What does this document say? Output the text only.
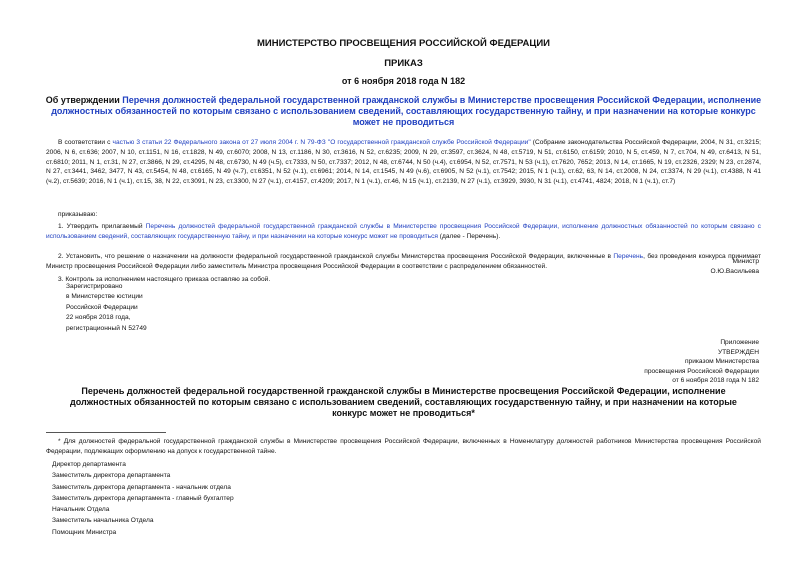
МИНИСТЕРСТВО ПРОСВЕЩЕНИЯ РОССИЙСКОЙ ФЕДЕРАЦИИ
ПРИКАЗ
от 6 ноября 2018 года N 182
Об утверждении Перечня должностей федеральной государственной гражданской службы в Министерстве просвещения Российской Федерации, исполнение должностных обязанностей по которым связано с использованием сведений, составляющих государственную тайну, и при назначении на которые конкурс может не проводиться
В соответствии с частью 3 статьи 22 Федерального закона от 27 июля 2004 г. N 79-ФЗ "О государственной гражданской службе Российской Федерации" (Собрание законодательства Российской Федерации, 2004, N 31, ст.3215; 2006, N 6, ст.636; 2007, N 10, ст.1151, N 16, ст.1828, N 49, ст.6070; 2008, N 13, ст.1186, N 30, ст.3616, N 52, ст.6235; 2009, N 29, ст.3597, ст.3624, N 48, ст.5719, N 51, ст.6150, ст.6159; 2010, N 5, ст.459, N 7, ст.704, N 49, ст.6413, N 51, ст.6810; 2011, N 1, ст.31, N 27, ст.3866, N 29, ст.4295, N 48, ст.6730, N 49 (ч.5), ст.7333, N 50, ст.7337; 2012, N 48, ст.6744, N 50 (ч.4), ст.6954, N 52, ст.7571, N 53 (ч.1), ст.7620, 7652; 2013, N 14, ст.1665, N 19, ст.2326, 2329; N 23, ст.2874, N 27, ст.3441, 3462, 3477, N 43, ст.5454, N 48, ст.6165, N 49 (ч.7), ст.6351, N 52 (ч.1), ст.6961; 2014, N 14, ст.1545, N 49 (ч.6), ст.6905, N 52 (ч.1), ст.7542; 2015, N 1 (ч.1), ст.62, 63, N 14, ст.2008, N 24, ст.3374, N 29 (ч.1), ст.4388, N 41 (ч.2), ст.5639; 2016, N 1 (ч.1), ст.15, 38, N 22, ст.3091, N 23, ст.3300, N 27 (ч.1), ст.4157, ст.4209; 2017, N 1 (ч.1), ст.46, N 15 (ч.1), ст.2139, N 27 (ч.1), ст.3929, 3930, N 31 (ч.1), ст.4741, 4824; 2018, N 1 (ч.1), ст.7)
приказываю:
1. Утвердить прилагаемый Перечень должностей федеральной государственной гражданской службы в Министерстве просвещения Российской Федерации, исполнение должностных обязанностей по которым связано с использованием сведений, составляющих государственную тайну, и при назначении на которые конкурс может не проводиться (далее - Перечень).
2. Установить, что решение о назначении на должности федеральной государственной гражданской службы Министерства просвещения Российской Федерации, включенные в Перечень, без проведения конкурса принимает Министр просвещения Российской Федерации либо заместитель Министра просвещения Российской Федерации в соответствии с распределением обязанностей.
3. Контроль за исполнением настоящего приказа оставляю за собой.
Министр
О.Ю.Васильева
Зарегистрировано
в Министерстве юстиции
Российской Федерации
22 ноября 2018 года,
регистрационный N 52749
Приложение
УТВЕРЖДЕН
приказом Министерства
просвещения Российской Федерации
от 6 ноября 2018 года N 182
Перечень должностей федеральной государственной гражданской службы в Министерстве просвещения Российской Федерации, исполнение должностных обязанностей по которым связано с использованием сведений, составляющих государственную тайну, и при назначении на которые конкурс может не проводиться*
* Для должностей федеральной государственной гражданской службы в Министерстве просвещения Российской Федерации, включенных в Номенклатуру должностей работников Министерства просвещения Российской Федерации, подлежащих оформлению на допуск к государственной тайне.
Директор департамента
Заместитель директора департамента
Заместитель директора департамента - начальник отдела
Заместитель директора департамента - главный бухгалтер
Начальник Отдела
Заместитель начальника Отдела
Помощник Министра
